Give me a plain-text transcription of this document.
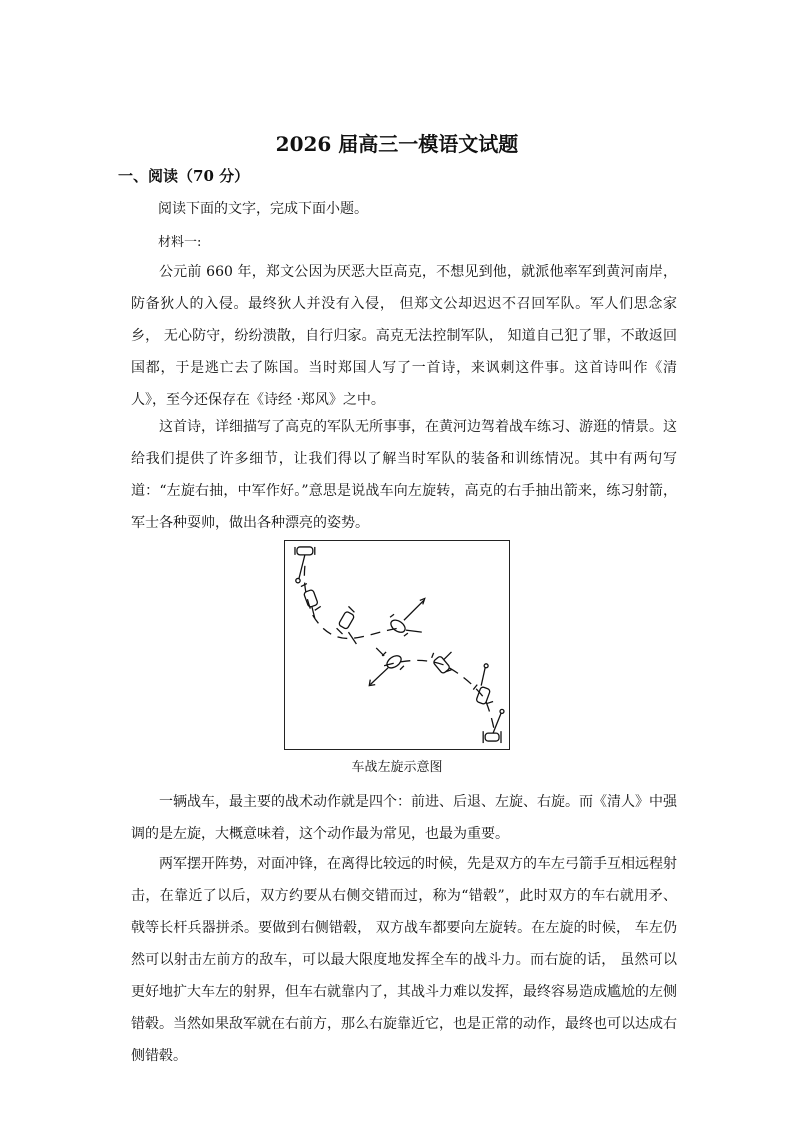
2026 届高三一模语文试题
一、阅读（70 分）
阅读下面的文字，完成下面小题。
材料一:

公元前 660 年，郑文公因为厌恶大臣高克，不想见到他，就派他率军到黄河南岸，防备狄人的入侵。最终狄人并没有入侵， 但郑文公却迟迟不召回军队。军人们思念家乡， 无心防守，纷纷溃散，自行归家。高克无法控制军队， 知道自己犯了罪，不敢返回国都，于是逃亡去了陈国。当时郑国人写了一首诗，来讽刺这件事。这首诗叫作《清人》，至今还保存在《诗经 ·郑风》之中。

这首诗，详细描写了高克的军队无所事事，在黄河边驾着战车练习、游逛的情景。这给我们提供了许多细节，让我们得以了解当时军队的装备和训练情况。其中有两句写道：“左旋右抽，中军作好。”意思是说战车向左旋转，高克的右手抽出箭来，练习射箭，军士各种耍帅，做出各种漂亮的姿势。

车战左旋示意图

一辆战车，最主要的战术动作就是四个：前进、后退、左旋、右旋。而《清人》中强调的是左旋，大概意味着，这个动作最为常见，也最为重要。

两军摆开阵势，对面冲锋，在离得比较远的时候，先是双方的车左弓箭手互相远程射击，在靠近了以后，双方约要从右侧交错而过，称为“错毂”，此时双方的车右就用矛、戟等长杆兵器拼杀。要做到右侧错毂， 双方战车都要向左旋转。在左旋的时候， 车左仍然可以射击左前方的敌车，可以最大限度地发挥全车的战斗力。而右旋的话， 虽然可以更好地扩大车左的射界，但车右就靠内了，其战斗力难以发挥，最终容易造成尴尬的左侧错毂。当然如果敌军就在右前方，那么右旋靠近它，也是正常的动作，最终也可以达成右侧错毂。
